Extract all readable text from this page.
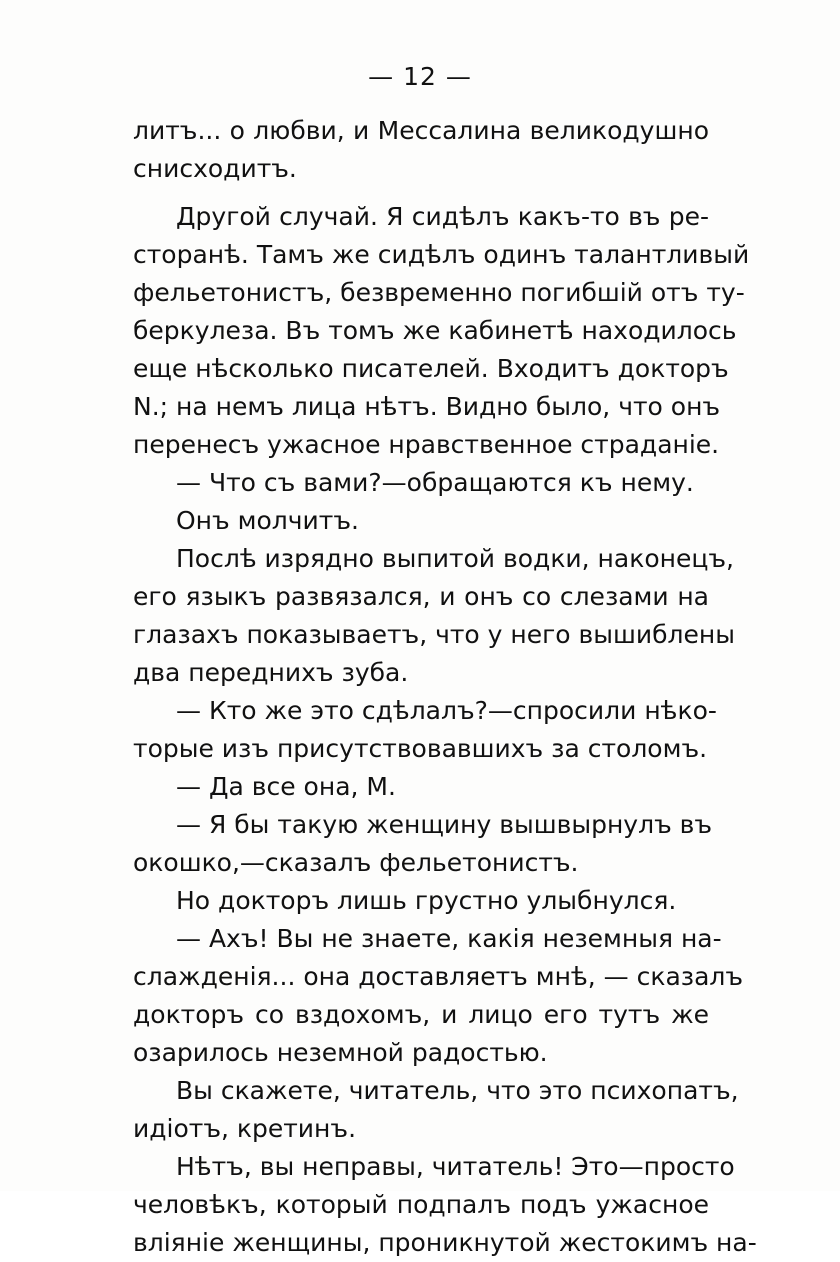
— 12 —
литъ... о любви, и Мессалина великодушно
снисходитъ.
Другой случай. Я сидѣлъ какъ-то въ ре-
сторанѣ. Тамъ же сидѣлъ одинъ талантливый
фельетонистъ, безвременно погибшій отъ ту-
беркулеза. Въ томъ же кабинетѣ находилось
еще нѣсколько писателей. Входитъ докторъ
N.; на немъ лица нѣтъ. Видно было, что онъ
перенесъ ужасное нравственное страданіе.
— Что съ вами?—обращаются къ нему.
Онъ молчитъ.
Послѣ изрядно выпитой водки, наконецъ,
его языкъ развязался, и онъ со слезами на
глазахъ показываетъ, что у него вышиблены
два переднихъ зуба.
— Кто же это сдѣлалъ?—спросили нѣко-
торые изъ присутствовавшихъ за столомъ.
— Да все она, М.
— Я бы такую женщину вышвырнулъ въ
окошко,—сказалъ фельетонистъ.
Но докторъ лишь грустно улыбнулся.
— Ахъ! Вы не знаете, какія неземныя на-
слажденія... она доставляетъ мнѣ, — сказалъ
докторъ со вздохомъ, и лицо его тутъ же
озарилось неземной радостью.
Вы скажете, читатель, что это психопатъ,
идіотъ, кретинъ.
Нѣтъ, вы неправы, читатель! Это—просто
человѣкъ, который подпалъ подъ ужасное
вліяніе женщины, проникнутой жестокимъ на-
